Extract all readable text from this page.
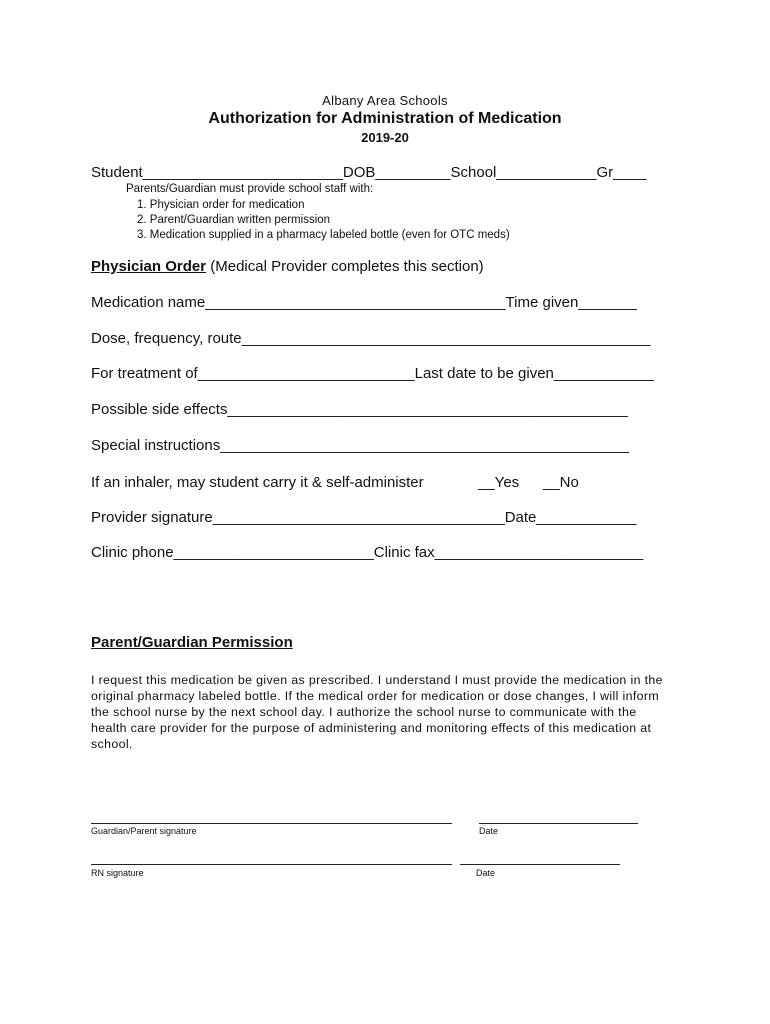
Albany Area Schools
Authorization for Administration of Medication
2019-20
Student________________________DOB_________School____________Gr____
Parents/Guardian must provide school staff with:
1. Physician order for medication
2. Parent/Guardian written permission
3. Medication supplied in a pharmacy labeled bottle (even for OTC meds)
Physician Order (Medical Provider completes this section)
Medication name____________________________________Time given_______
Dose, frequency, route_________________________________________________
For treatment of__________________________Last date to be given____________
Possible side effects________________________________________________
Special instructions_________________________________________________
If an inhaler, may student carry it & self-administer	__Yes __No
Provider signature___________________________________Date____________
Clinic phone________________________Clinic fax_________________________
Parent/Guardian Permission
I request this medication be given as prescribed. I understand I must provide the medication in the original pharmacy labeled bottle. If the medical order for medication or dose changes, I will inform the school nurse by the next school day. I authorize the school nurse to communicate with the health care provider for the purpose of administering and monitoring effects of this medication at school.
Guardian/Parent signature	Date
RN signature	Date
